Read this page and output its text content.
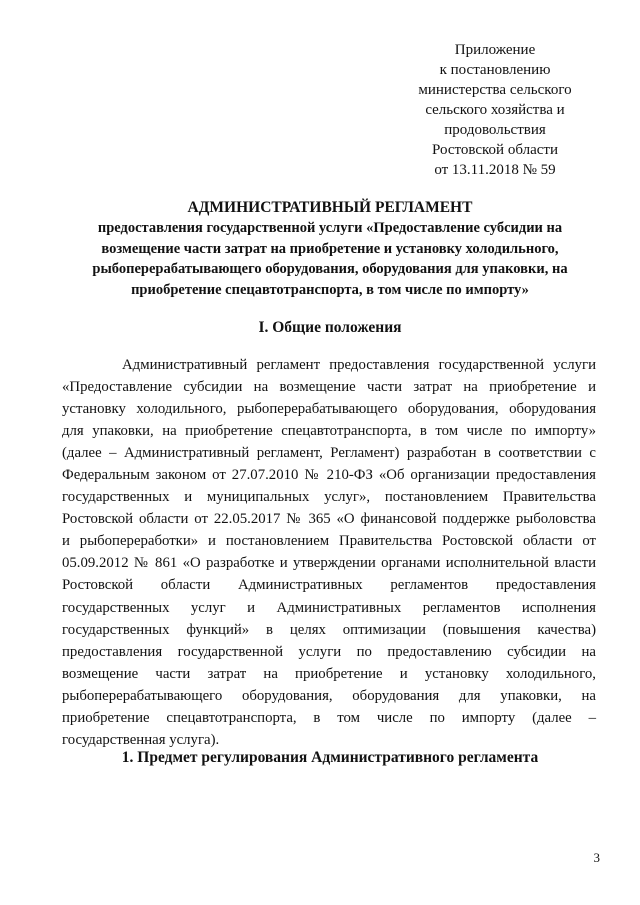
Приложение
к постановлению
министерства сельского
сельского хозяйства и
продовольствия
Ростовской области
от 13.11.2018 № 59
АДМИНИСТРАТИВНЫЙ РЕГЛАМЕНТ
предоставления государственной услуги «Предоставление субсидии на
возмещение части затрат на приобретение и установку холодильного,
рыбоперерабатывающего оборудования, оборудования для упаковки, на
приобретение спецавтотранспорта, в том числе по импорту»
I. Общие положения
Административный регламент предоставления государственной услуги
«Предоставление субсидии на возмещение части затрат на приобретение и
установку холодильного, рыбоперерабатывающего оборудования, оборудования
для упаковки, на приобретение спецавтотранспорта, в том числе по импорту»
(далее – Административный регламент, Регламент) разработан в соответствии с
Федеральным законом от 27.07.2010 № 210-ФЗ «Об организации предоставления
государственных и муниципальных услуг», постановлением Правительства
Ростовской области от 22.05.2017 № 365 «О финансовой поддержке рыболовства
и рыбопереработки» и постановлением Правительства Ростовской области от
05.09.2012 № 861 «О разработке и утверждении органами исполнительной власти
Ростовской области Административных регламентов предоставления
государственных услуг и Административных регламентов исполнения
государственных функций» в целях оптимизации (повышения качества)
предоставления государственной услуги по предоставлению субсидии на
возмещение части затрат на приобретение и установку холодильного,
рыбоперерабатывающего оборудования, оборудования для упаковки, на
приобретение спецавтотранспорта, в том числе по импорту (далее –
государственная услуга).
1. Предмет регулирования Административного регламента
3
